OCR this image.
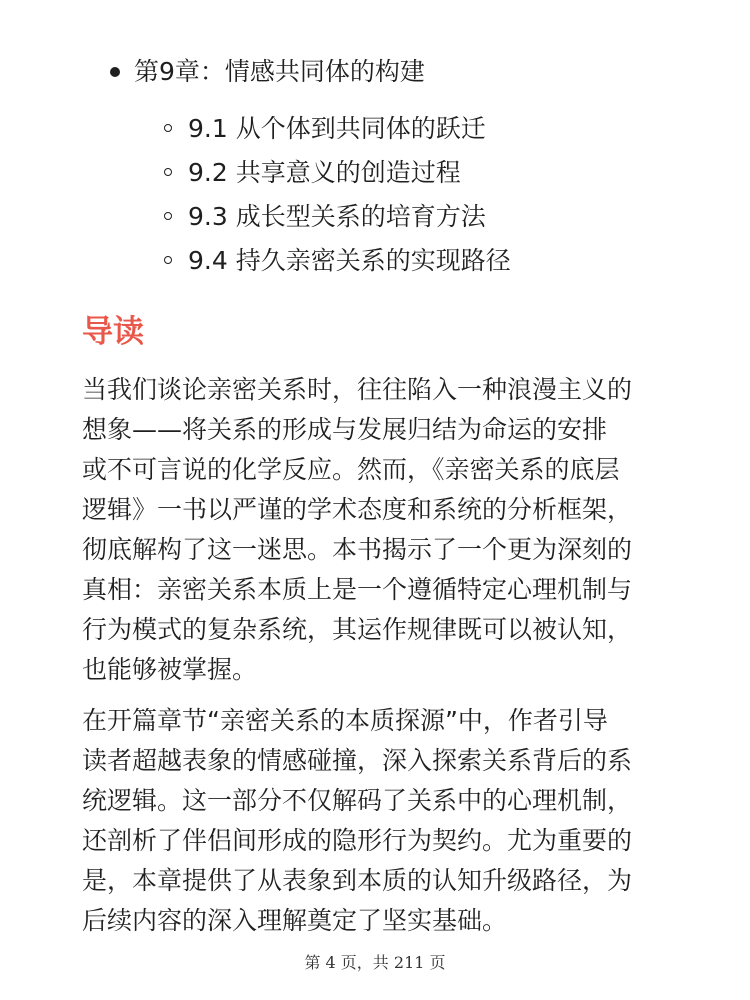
第9章：情感共同体的构建
9.1 从个体到共同体的跃迁
9.2 共享意义的创造过程
9.3 成长型关系的培育方法
9.4 持久亲密关系的实现路径
导读

当我们谈论亲密关系时，往往陷入一种浪漫主义的
想象——将关系的形成与发展归结为命运的安排
或不可言说的化学反应。然而，《亲密关系的底层
逻辑》一书以严谨的学术态度和系统的分析框架，
彻底解构了这一迷思。本书揭示了一个更为深刻的
真相：亲密关系本质上是一个遵循特定心理机制与
行为模式的复杂系统，其运作规律既可以被认知，
也能够被掌握。

在开篇章节“亲密关系的本质探源”中，作者引导
读者超越表象的情感碰撞，深入探索关系背后的系
统逻辑。这一部分不仅解码了关系中的心理机制，
还剖析了伴侣间形成的隐形行为契约。尤为重要的
是，本章提供了从表象到本质的认知升级路径，为
后续内容的深入理解奠定了坚实基础。

第 4 页，共 211 页
